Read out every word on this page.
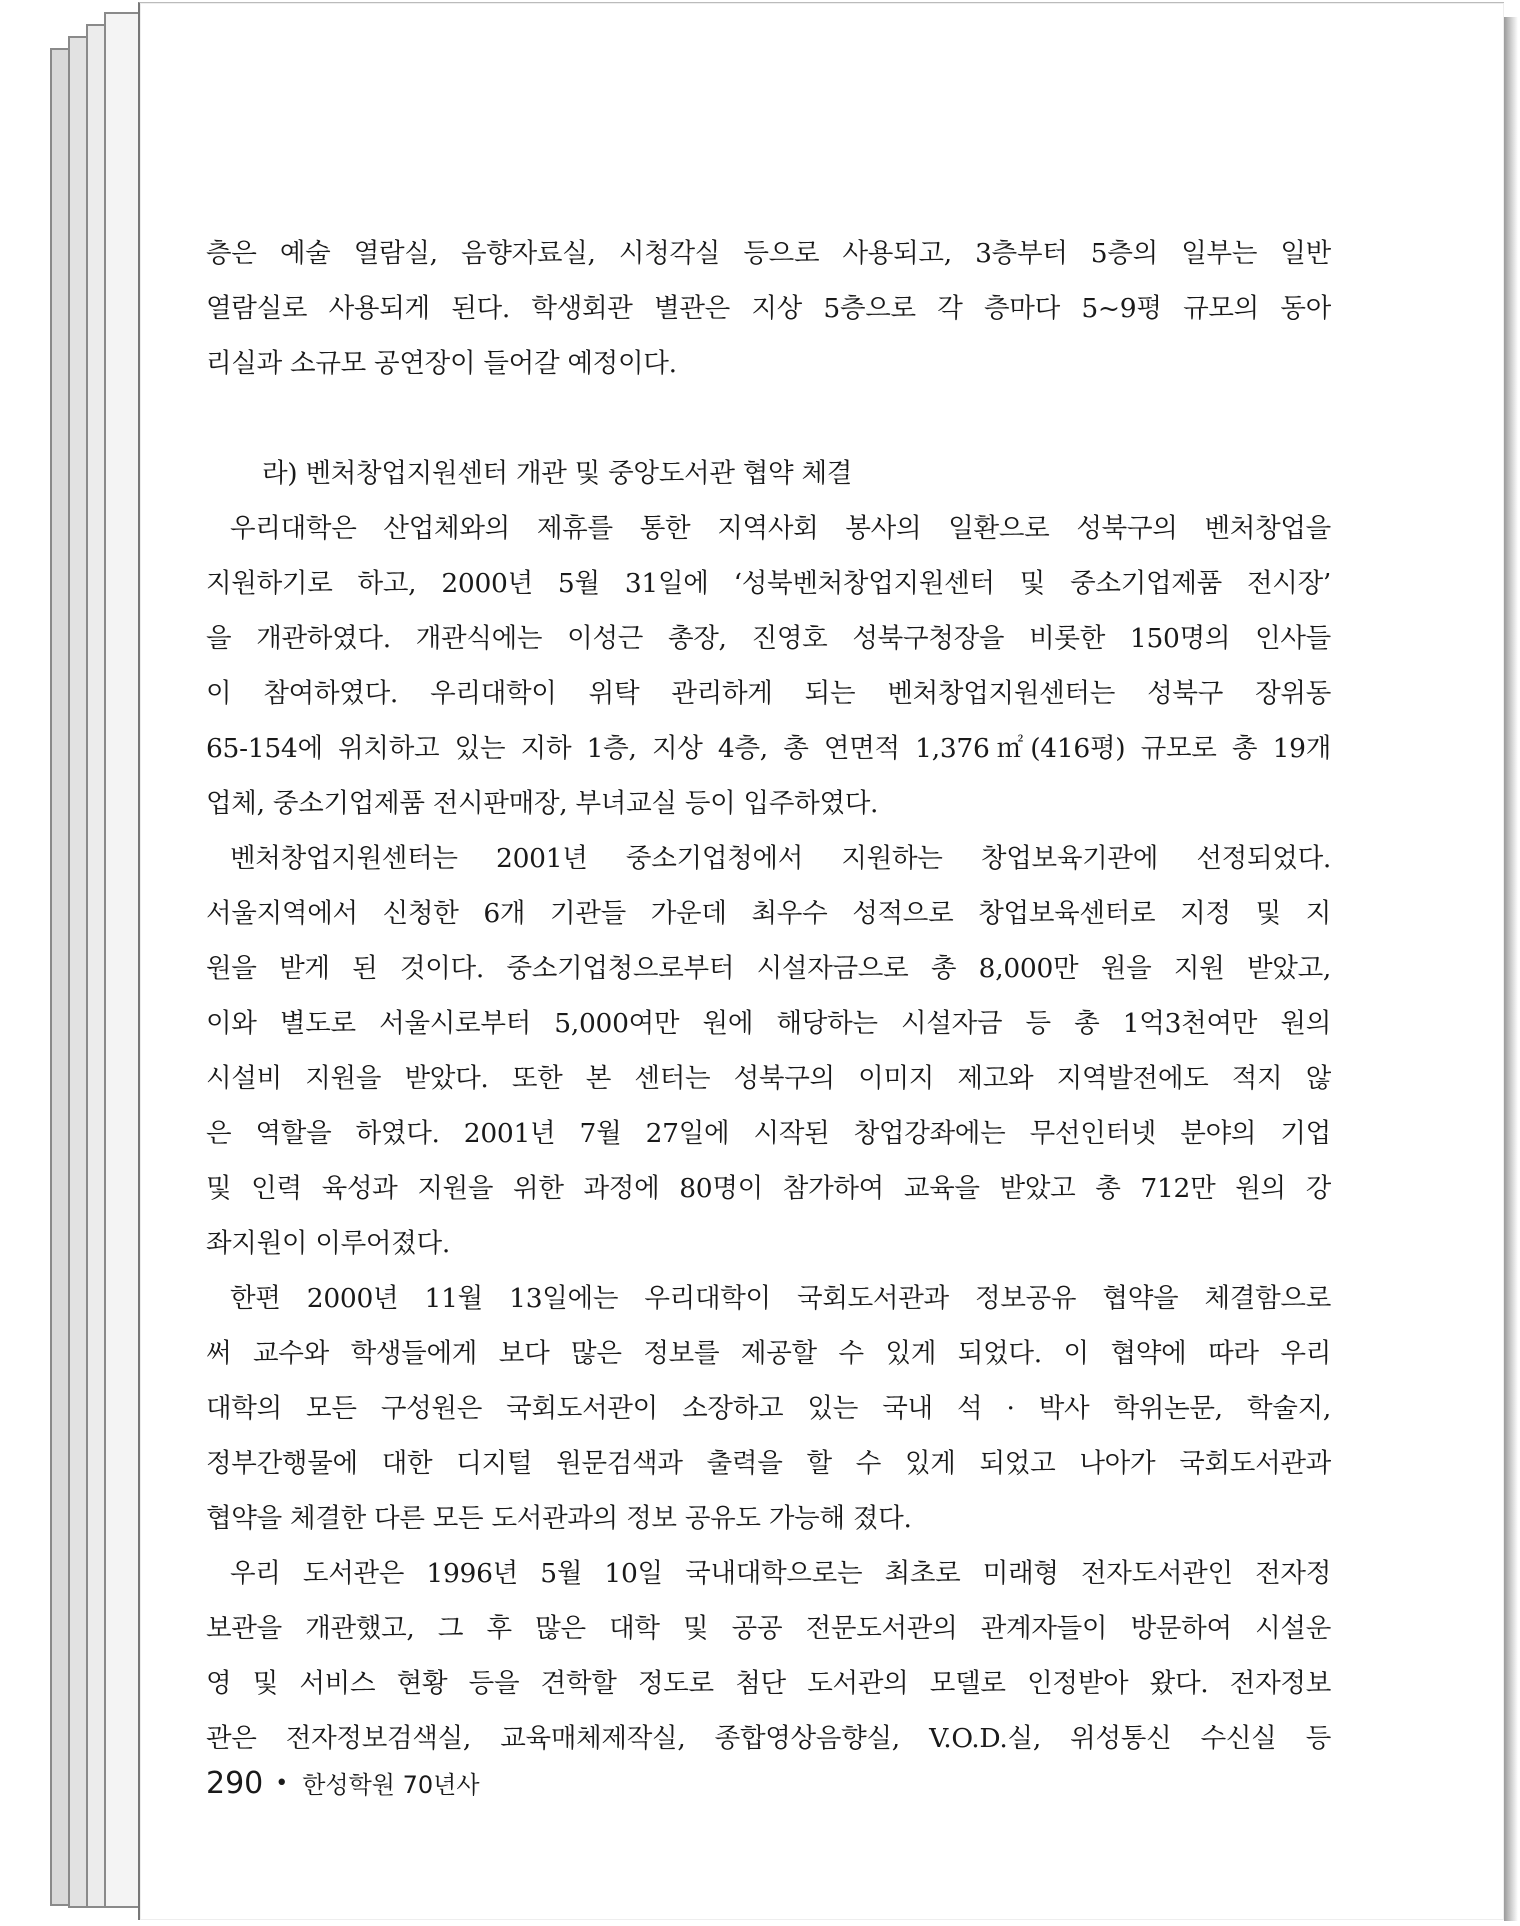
층은 예술 열람실, 음향자료실, 시청각실 등으로 사용되고, 3층부터 5층의 일부는 일반
열람실로 사용되게 된다. 학생회관 별관은 지상 5층으로 각 층마다 5~9평 규모의 동아
리실과 소규모 공연장이 들어갈 예정이다.
라) 벤처창업지원센터 개관 및 중앙도서관 협약 체결
우리대학은 산업체와의 제휴를 통한 지역사회 봉사의 일환으로 성북구의 벤처창업을
지원하기로 하고, 2000년 5월 31일에 ‘성북벤처창업지원센터 및 중소기업제품 전시장’
을 개관하였다. 개관식에는 이성근 총장, 진영호 성북구청장을 비롯한 150명의 인사들
이 참여하였다. 우리대학이 위탁 관리하게 되는 벤처창업지원센터는 성북구 장위동
65-154에 위치하고 있는 지하 1층, 지상 4층, 총 연면적 1,376㎡(416평) 규모로 총 19개
업체, 중소기업제품 전시판매장, 부녀교실 등이 입주하였다.
벤처창업지원센터는 2001년 중소기업청에서 지원하는 창업보육기관에 선정되었다.
서울지역에서 신청한 6개 기관들 가운데 최우수 성적으로 창업보육센터로 지정 및 지
원을 받게 된 것이다. 중소기업청으로부터 시설자금으로 총 8,000만 원을 지원 받았고,
이와 별도로 서울시로부터 5,000여만 원에 해당하는 시설자금 등 총 1억3천여만 원의
시설비 지원을 받았다. 또한 본 센터는 성북구의 이미지 제고와 지역발전에도 적지 않
은 역할을 하였다. 2001년 7월 27일에 시작된 창업강좌에는 무선인터넷 분야의 기업
및 인력 육성과 지원을 위한 과정에 80명이 참가하여 교육을 받았고 총 712만 원의 강
좌지원이 이루어졌다.
한편 2000년 11월 13일에는 우리대학이 국회도서관과 정보공유 협약을 체결함으로
써 교수와 학생들에게 보다 많은 정보를 제공할 수 있게 되었다. 이 협약에 따라 우리
대학의 모든 구성원은 국회도서관이 소장하고 있는 국내 석 · 박사 학위논문, 학술지,
정부간행물에 대한 디지털 원문검색과 출력을 할 수 있게 되었고 나아가 국회도서관과
협약을 체결한 다른 모든 도서관과의 정보 공유도 가능해 졌다.
우리 도서관은 1996년 5월 10일 국내대학으로는 최초로 미래형 전자도서관인 전자정
보관을 개관했고, 그 후 많은 대학 및 공공 전문도서관의 관계자들이 방문하여 시설운
영 및 서비스 현황 등을 견학할 정도로 첨단 도서관의 모델로 인정받아 왔다. 전자정보
관은 전자정보검색실, 교육매체제작실, 종합영상음향실, V.O.D.실, 위성통신 수신실 등
290 • 한성학원 70년사
